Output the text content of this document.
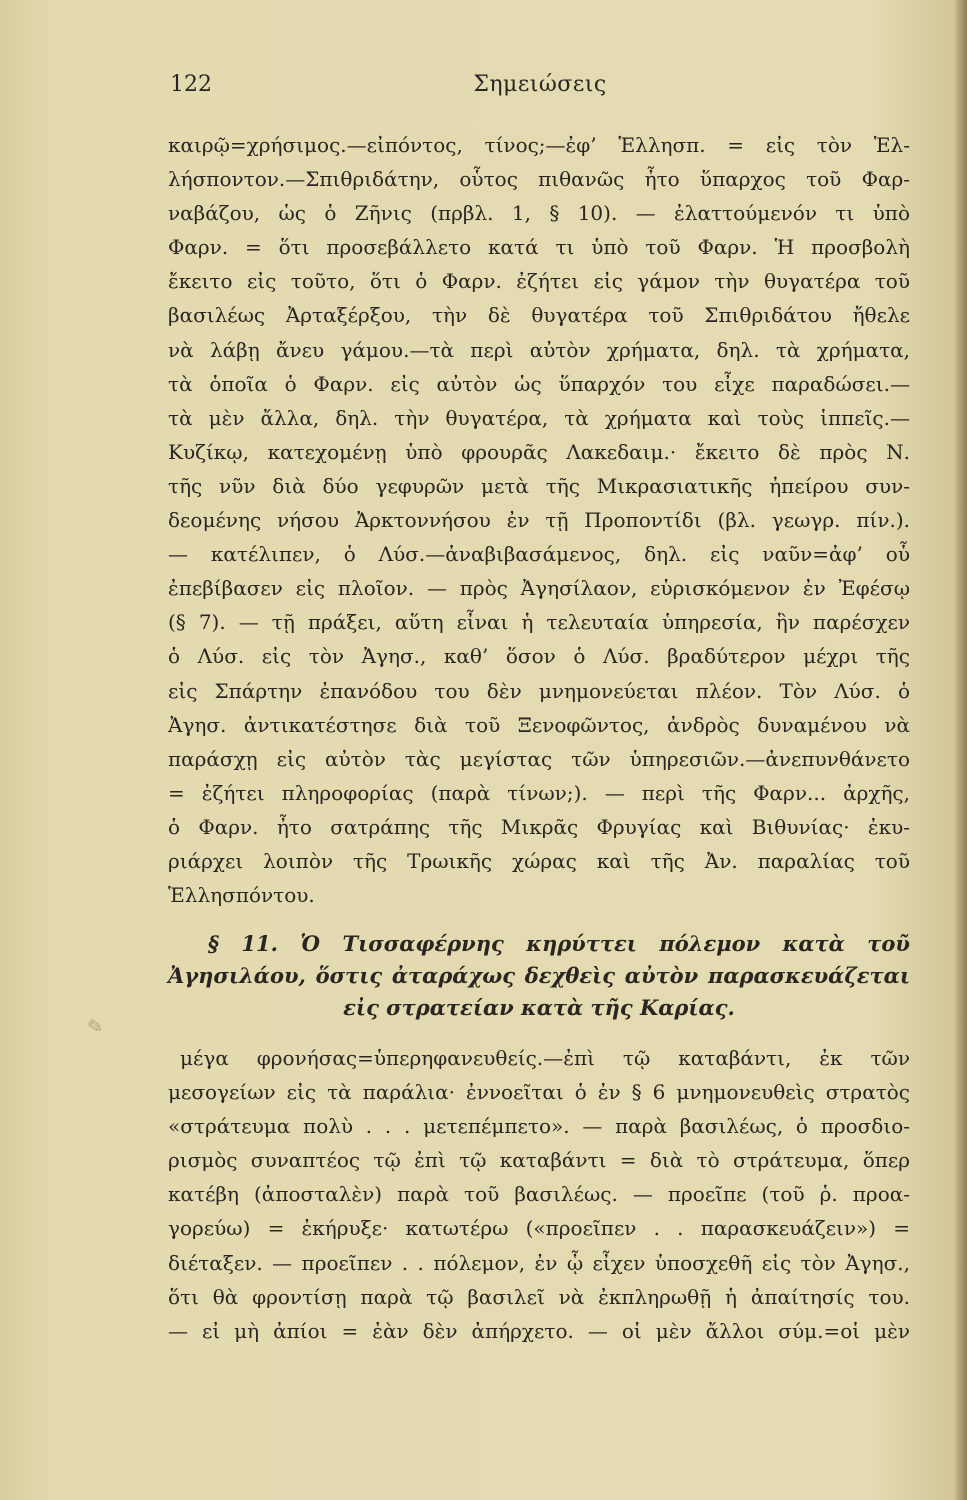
122	Σημειώσεις
καιρῷ=χρήσιμος.—εἰπόντος, τίνος;—ἐφ’ Ἑλλησπ. = εἰς τὸν Ἑλ-
λήσποντον.—Σπιθριδάτην, οὗτος πιθανῶς ἦτο ὕπαρχος τοῦ Φαρ-
ναβάζου, ὡς ὁ Ζῆνις (πρβλ. 1, § 10). — ἐλαττούμενόν τι ὑπὸ
Φαρν. = ὅτι προσεβάλλετο κατά τι ὑπὸ τοῦ Φαρν. Ἡ προσβολὴ
ἔκειτο εἰς τοῦτο, ὅτι ὁ Φαρν. ἐζήτει εἰς γάμον τὴν θυγατέρα τοῦ
βασιλέως Ἀρταξέρξου, τὴν δὲ θυγατέρα τοῦ Σπιθριδάτου ἤθελε
νὰ λάβῃ ἄνευ γάμου.—τὰ περὶ αὐτὸν χρήματα, δηλ. τὰ χρήματα,
τὰ ὁποῖα ὁ Φαρν. εἰς αὐτὸν ὡς ὕπαρχόν του εἶχε παραδώσει.—
τὰ μὲν ἄλλα, δηλ. τὴν θυγατέρα, τὰ χρήματα καὶ τοὺς ἱππεῖς.—
Κυζίκῳ, κατεχομένῃ ὑπὸ φρουρᾶς Λακεδαιμ.· ἔκειτο δὲ πρὸς Ν.
τῆς νῦν διὰ δύο γεφυρῶν μετὰ τῆς Μικρασιατικῆς ἠπείρου συν-
δεομένης νήσου Ἀρκτοννήσου ἐν τῇ Προποντίδι (βλ. γεωγρ. πίν.).
— κατέλιπεν, ὁ Λύσ.—ἀναβιβασάμενος, δηλ. εἰς ναῦν=ἀφ’ οὗ
ἐπεβίβασεν εἰς πλοῖον. — πρὸς Ἀγησίλαον, εὑρισκόμενον ἐν Ἐφέσῳ
(§ 7). — τῇ πράξει, αὕτη εἶναι ἡ τελευταία ὑπηρεσία, ἣν παρέσχεν
ὁ Λύσ. εἰς τὸν Ἀγησ., καθ’ ὅσον ὁ Λύσ. βραδύτερον μέχρι τῆς
εἰς Σπάρτην ἐπανόδου του δὲν μνημονεύεται πλέον. Τὸν Λύσ. ὁ
Ἀγησ. ἀντικατέστησε διὰ τοῦ Ξενοφῶντος, ἀνδρὸς δυναμένου νὰ
παράσχῃ εἰς αὐτὸν τὰς μεγίστας τῶν ὑπηρεσιῶν.—ἀνεπυνθάνετο
= ἐζήτει πληροφορίας (παρὰ τίνων;). — περὶ τῆς Φαρν... ἀρχῆς,
ὁ Φαρν. ἦτο σατράπης τῆς Μικρᾶς Φρυγίας καὶ Βιθυνίας· ἐκυ-
ριάρχει λοιπὸν τῆς Τρωικῆς χώρας καὶ τῆς Ἀν. παραλίας τοῦ
Ἑλλησπόντου.
✎
§ 11. Ὁ Τισσαφέρνης κηρύττει πόλεμον κατὰ τοῦ
Ἀγησιλάου, ὅστις ἀταράχως δεχθεὶς αὐτὸν παρασκευάζεται
εἰς στρατείαν κατὰ τῆς Καρίας.
μέγα φρονήσας=ὑπερηφανευθείς.—ἐπὶ τῷ καταβάντι, ἐκ τῶν
μεσογείων εἰς τὰ παράλια· ἐννοεῖται ὁ ἐν § 6 μνημονευθεὶς στρατὸς
«στράτευμα πολὺ . . . μετεπέμπετο». — παρὰ βασιλέως, ὁ προσδιο-
ρισμὸς συναπτέος τῷ ἐπὶ τῷ καταβάντι = διὰ τὸ στράτευμα, ὅπερ
κατέβη (ἀποσταλὲν) παρὰ τοῦ βασιλέως. — προεῖπε (τοῦ ῥ. προα-
γορεύω) = ἐκήρυξε· κατωτέρω («προεῖπεν . . παρασκευάζειν») =
διέταξεν. — προεῖπεν . . πόλεμον, ἐν ᾧ εἶχεν ὑποσχεθῆ εἰς τὸν Ἀγησ.,
ὅτι θὰ φροντίσῃ παρὰ τῷ βασιλεῖ νὰ ἐκπληρωθῇ ἡ ἀπαίτησίς του.
— εἰ μὴ ἀπίοι = ἐὰν δὲν ἀπήρχετο. — οἱ μὲν ἄλλοι σύμ.=οἱ μὲν
